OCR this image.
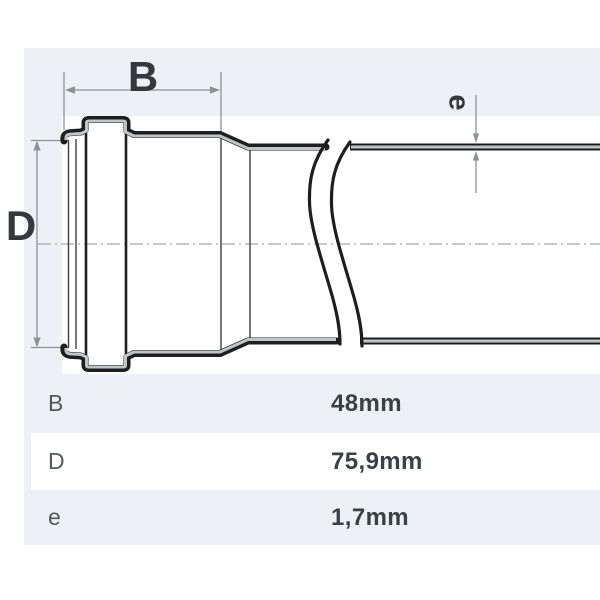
B
D
e
B	48mm
D	75,9mm
e	1,7mm
